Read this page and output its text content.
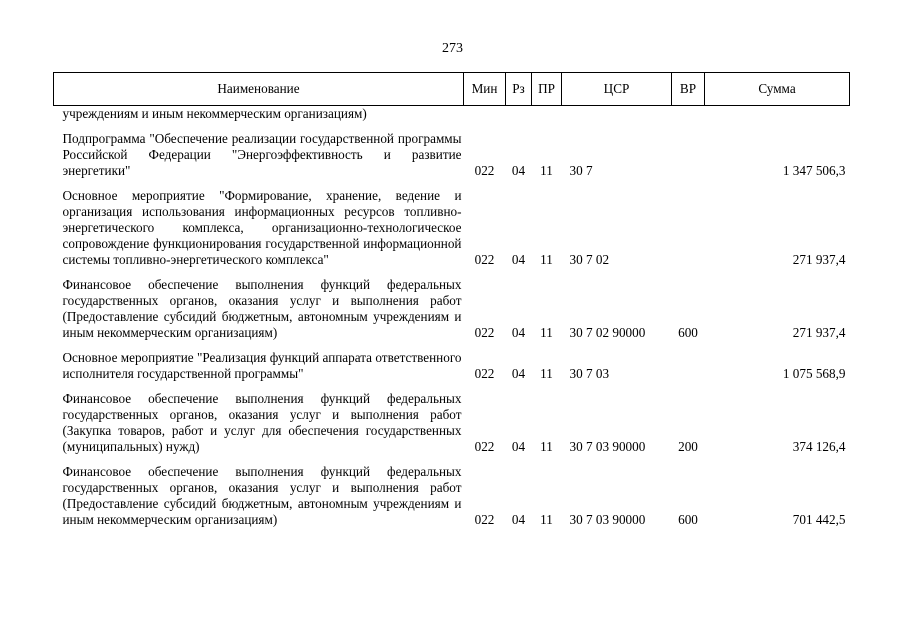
273
Наименование	Мин	Рз	ПР	ЦСР	ВР	Сумма
учреждениям и иным некоммерческим организациям)						

Подпрограмма "Обеспечение реализации государственной программы Российской Федерации "Энергоэффективность и развитие энергетики"	022	04	11	30 7		1 347 506,3

Основное мероприятие "Формирование, хранение, ведение и организация использования информационных ресурсов топливно-энергетического комплекса, организационно-технологическое сопровождение функционирования государственной информационной системы топливно-энергетического комплекса"	022	04	11	30 7 02		271 937,4

Финансовое обеспечение выполнения функций федеральных государственных органов, оказания услуг и выполнения работ (Предоставление субсидий бюджетным, автономным учреждениям и иным некоммерческим организациям)	022	04	11	30 7 02 90000	600	271 937,4

Основное мероприятие "Реализация функций аппарата ответственного исполнителя государственной программы"	022	04	11	30 7 03		1 075 568,9

Финансовое обеспечение выполнения функций федеральных государственных органов, оказания услуг и выполнения работ (Закупка товаров, работ и услуг для обеспечения государственных (муниципальных) нужд)	022	04	11	30 7 03 90000	200	374 126,4

Финансовое обеспечение выполнения функций федеральных государственных органов, оказания услуг и выполнения работ (Предоставление субсидий бюджетным, автономным учреждениям и иным некоммерческим организациям)	022	04	11	30 7 03 90000	600	701 442,5
